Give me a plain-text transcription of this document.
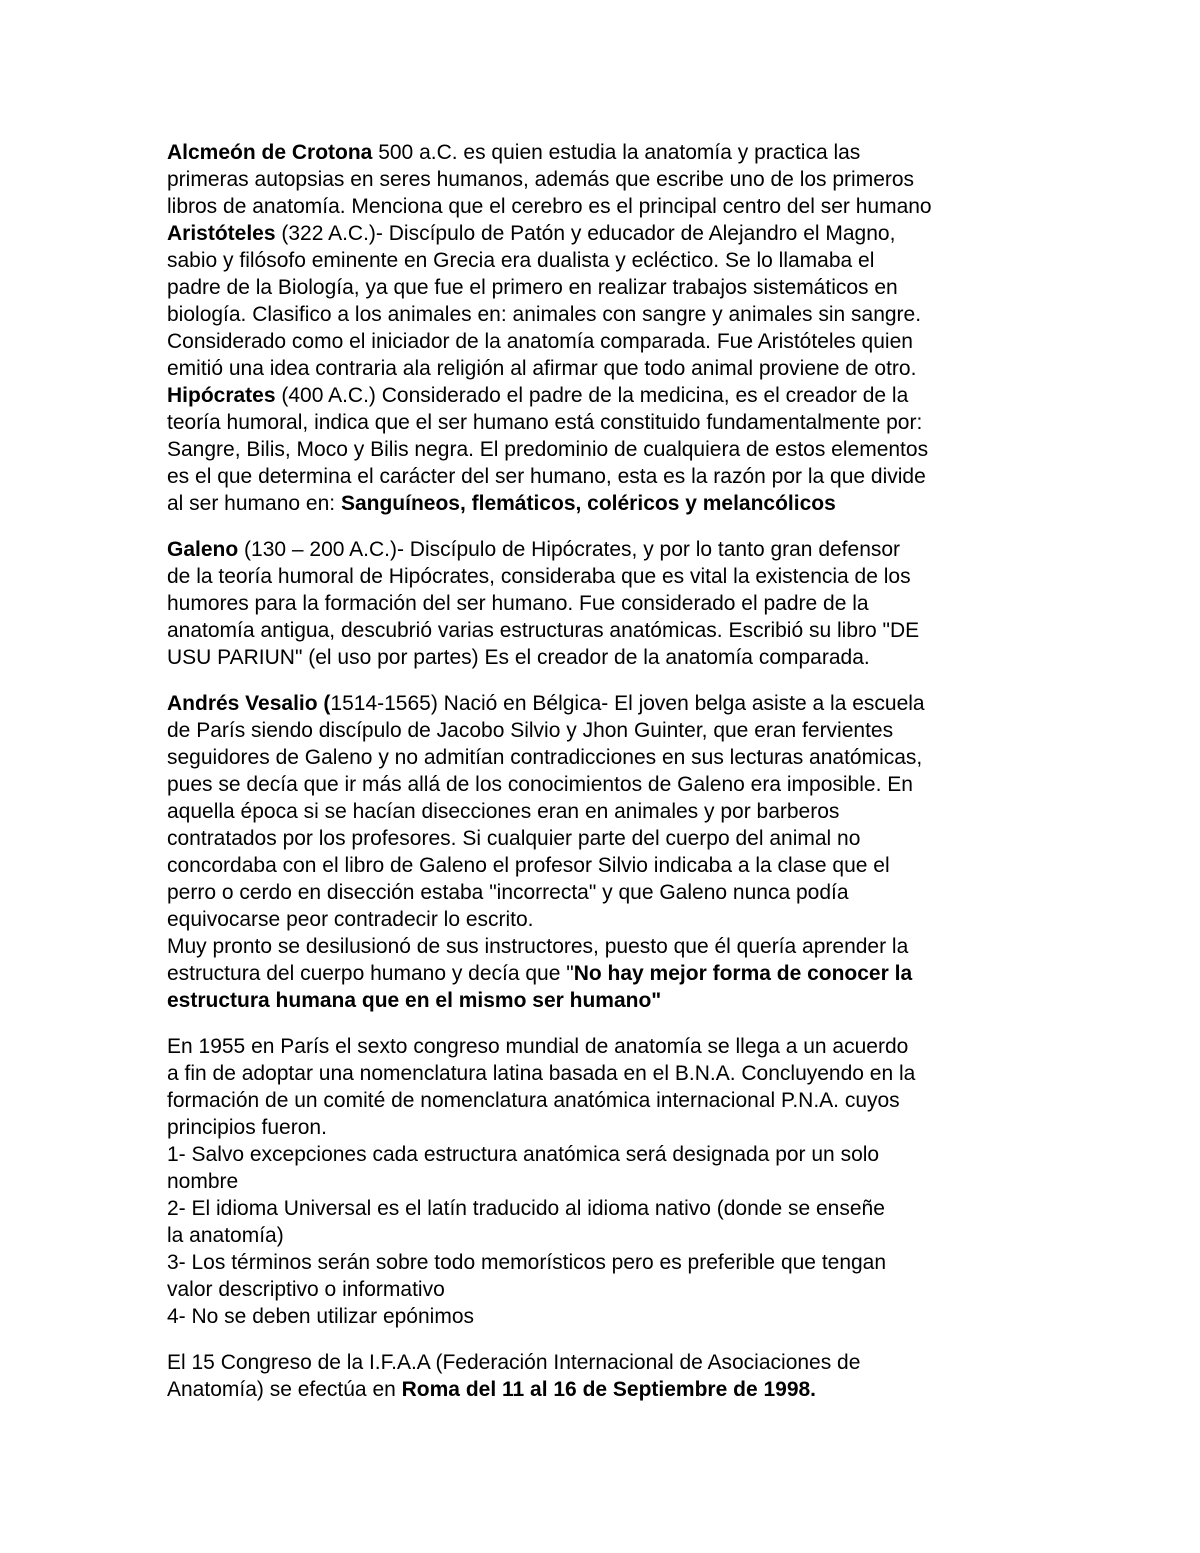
Alcmeón de Crotona 500 a.C. es quien estudia la anatomía y practica las
primeras autopsias en seres humanos, además que escribe uno de los primeros
libros de anatomía. Menciona que el cerebro es el principal centro del ser humano
Aristóteles (322 A.C.)- Discípulo de Patón y educador de Alejandro el Magno,
sabio y filósofo eminente en Grecia era dualista y ecléctico. Se lo llamaba el
padre de la Biología, ya que fue el primero en realizar trabajos sistemáticos en
biología. Clasifico a los animales en: animales con sangre y animales sin sangre.
Considerado como el iniciador de la anatomía comparada. Fue Aristóteles quien
emitió una idea contraria ala religión al afirmar que todo animal proviene de otro.
Hipócrates (400 A.C.) Considerado el padre de la medicina, es el creador de la
teoría humoral, indica que el ser humano está constituido fundamentalmente por:
Sangre, Bilis, Moco y Bilis negra. El predominio de cualquiera de estos elementos
es el que determina el carácter del ser humano, esta es la razón por la que divide
al ser humano en: Sanguíneos, flemáticos, coléricos y melancólicos
Galeno (130 – 200 A.C.)- Discípulo de Hipócrates, y por lo tanto gran defensor
de la teoría humoral de Hipócrates, consideraba que es vital la existencia de los
humores para la formación del ser humano. Fue considerado el padre de la
anatomía antigua, descubrió varias estructuras anatómicas. Escribió su libro "DE
USU PARIUN" (el uso por partes) Es el creador de la anatomía comparada.
Andrés Vesalio (1514-1565) Nació en Bélgica- El joven belga asiste a la escuela
de París siendo discípulo de Jacobo Silvio y Jhon Guinter, que eran fervientes
seguidores de Galeno y no admitían contradicciones en sus lecturas anatómicas,
pues se decía que ir más allá de los conocimientos de Galeno era imposible. En
aquella época si se hacían disecciones eran en animales y por barberos
contratados por los profesores. Si cualquier parte del cuerpo del animal no
concordaba con el libro de Galeno el profesor Silvio indicaba a la clase que el
perro o cerdo en disección estaba "incorrecta" y que Galeno nunca podía
equivocarse peor contradecir lo escrito.
Muy pronto se desilusionó de sus instructores, puesto que él quería aprender la
estructura del cuerpo humano y decía que "No hay mejor forma de conocer la
estructura humana que en el mismo ser humano"
En 1955 en París el sexto congreso mundial de anatomía se llega a un acuerdo
a fin de adoptar una nomenclatura latina basada en el B.N.A. Concluyendo en la
formación de un comité de nomenclatura anatómica internacional P.N.A. cuyos
principios fueron.
1- Salvo excepciones cada estructura anatómica será designada por un solo
nombre
2- El idioma Universal es el latín traducido al idioma nativo (donde se enseñe
la anatomía)
3- Los términos serán sobre todo memorísticos pero es preferible que tengan
valor descriptivo o informativo
4- No se deben utilizar epónimos
El 15 Congreso de la I.F.A.A (Federación Internacional de Asociaciones de
Anatomía) se efectúa en Roma del 11 al 16 de Septiembre de 1998.
